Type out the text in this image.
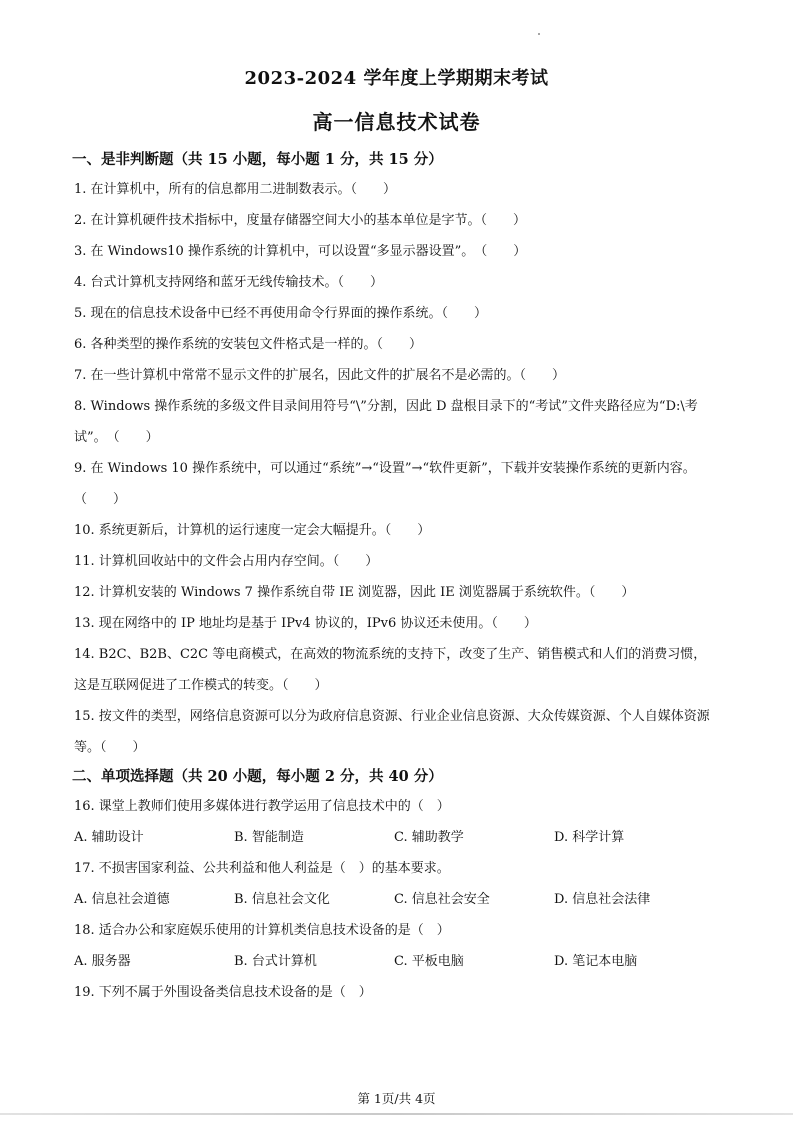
2023-2024 学年度上学期期末考试
高一信息技术试卷
一、是非判断题（共 15 小题，每小题 1 分，共 15 分）
1. 在计算机中，所有的信息都用二进制数表示。（　　）
2. 在计算机硬件技术指标中，度量存储器空间大小的基本单位是字节。（　　）
3. 在 Windows10 操作系统的计算机中，可以设置“多显示器设置”。　（　　）
4. 台式计算机支持网络和蓝牙无线传输技术。（　　）
5. 现在的信息技术设备中已经不再使用命令行界面的操作系统。（　　）
6. 各种类型的操作系统的安装包文件格式是一样的。（　　）
7. 在一些计算机中常常不显示文件的扩展名，因此文件的扩展名不是必需的。（　　）
8. Windows 操作系统的多级文件目录间用符号“\”分割，因此 D 盘根目录下的“考试”文件夹路径应为“D:\考试”。　（　　）
9. 在 Windows 10 操作系统中，可以通过“系统”→“设置”→“软件更新”，下载并安装操作系统的更新内容。（　　）
10. 系统更新后，计算机的运行速度一定会大幅提升。（　　）
11. 计算机回收站中的文件会占用内存空间。（　　）
12. 计算机安装的 Windows 7 操作系统自带 IE 浏览器，因此 IE 浏览器属于系统软件。（　　）
13. 现在网络中的 IP 地址均是基于 IPv4 协议的，IPv6 协议还未使用。（　　）
14. B2C、B2B、C2C 等电商模式，在高效的物流系统的支持下，改变了生产、销售模式和人们的消费习惯，这是互联网促进了工作模式的转变。（　　）
15. 按文件的类型，网络信息资源可以分为政府信息资源、行业企业信息资源、大众传媒资源、个人自媒体资源等。（　　）
二、单项选择题（共 20 小题，每小题 2 分，共 40 分）
16. 课堂上教师们使用多媒体进行教学运用了信息技术中的（　）
A. 辅助设计	B. 智能制造	C. 辅助教学	D. 科学计算
17. 不损害国家利益、公共利益和他人利益是（　）的基本要求。
A. 信息社会道德	B. 信息社会文化	C. 信息社会安全	D. 信息社会法律
18. 适合办公和家庭娱乐使用的计算机类信息技术设备的是（　）
A. 服务器	B. 台式计算机	C. 平板电脑	D. 笔记本电脑
19. 下列不属于外围设备类信息技术设备的是（　）
第 1页/共 4页
